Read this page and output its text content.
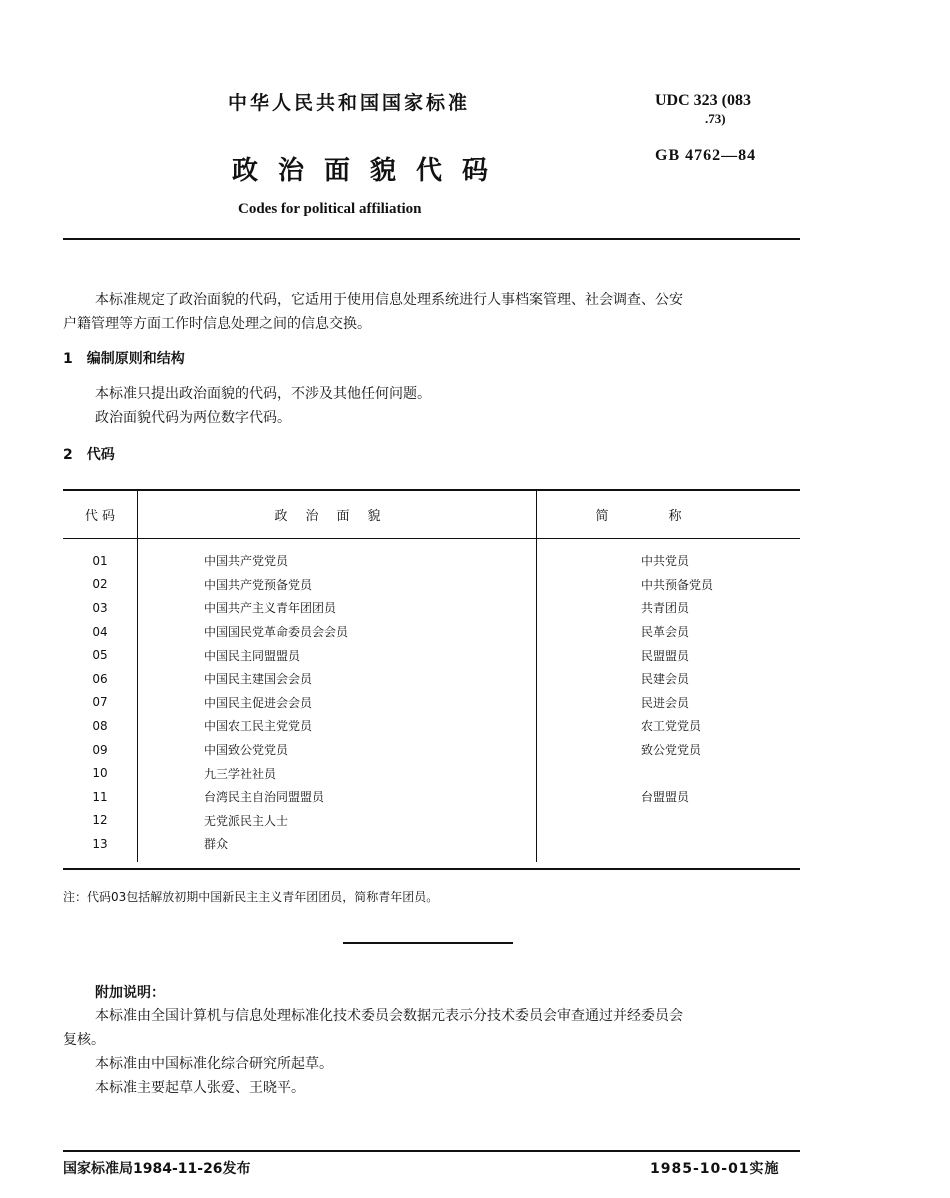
中华人民共和国国家标准
政治面貌代码
Codes for political affiliation
UDC 323 (083
.73)
GB 4762—84
本标准规定了政治面貌的代码，它适用于使用信息处理系统进行人事档案管理、社会调查、公安
户籍管理等方面工作时信息处理之间的信息交换。
1　编制原则和结构
本标准只提出政治面貌的代码，不涉及其他任何问题。
政治面貌代码为两位数字代码。
2　代码
代 码	政治面貌	简称
01	中国共产党党员	中共党员
02	中国共产党预备党员	中共预备党员
03	中国共产主义青年团团员	共青团员
04	中国国民党革命委员会会员	民革会员
05	中国民主同盟盟员	民盟盟员
06	中国民主建国会会员	民建会员
07	中国民主促进会会员	民进会员
08	中国农工民主党党员	农工党党员
09	中国致公党党员	致公党党员
10	九三学社社员	
11	台湾民主自治同盟盟员	台盟盟员
12	无党派民主人士	
13	群众	
注：代码03包括解放初期中国新民主主义青年团团员，简称青年团员。
附加说明：
本标准由全国计算机与信息处理标准化技术委员会数据元表示分技术委员会审查通过并经委员会
复核。
本标准由中国标准化综合研究所起草。
本标准主要起草人张爱、王晓平。
国家标准局1984-11-26发布	1985-10-01实施
